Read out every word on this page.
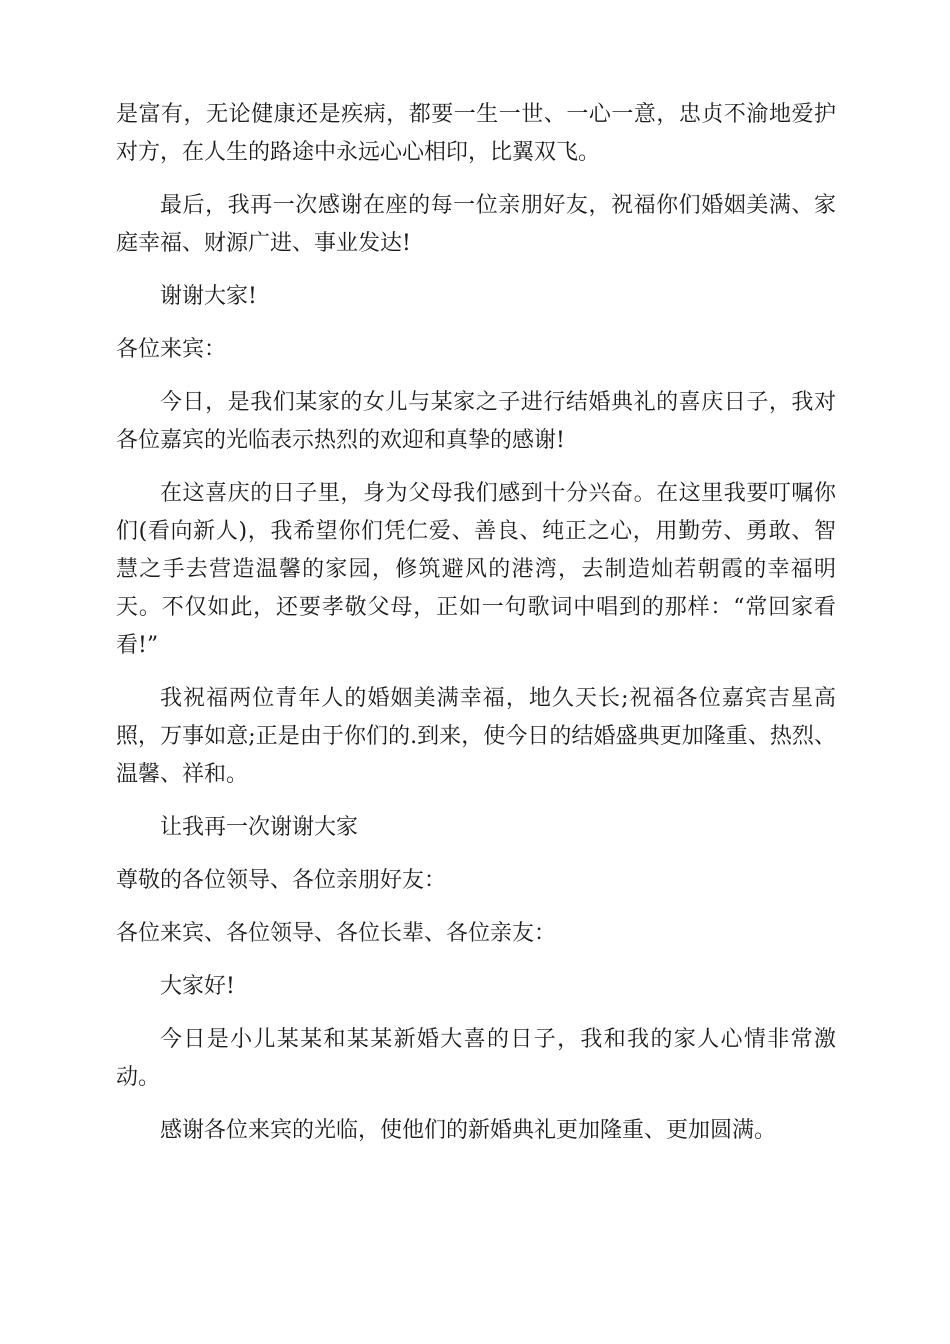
是富有，无论健康还是疾病，都要一生一世、一心一意，忠贞不渝地爱护对方，在人生的路途中永远心心相印，比翼双飞。

最后，我再一次感谢在座的每一位亲朋好友，祝福你们婚姻美满、家庭幸福、财源广进、事业发达!

谢谢大家!

各位来宾：

今日，是我们某家的女儿与某家之子进行结婚典礼的喜庆日子，我对各位嘉宾的光临表示热烈的欢迎和真挚的感谢!

在这喜庆的日子里，身为父母我们感到十分兴奋。在这里我要叮嘱你们(看向新人)，我希望你们凭仁爱、善良、纯正之心，用勤劳、勇敢、智慧之手去营造温馨的家园，修筑避风的港湾，去制造灿若朝霞的幸福明天。不仅如此，还要孝敬父母，正如一句歌词中唱到的那样：“常回家看看!”

我祝福两位青年人的婚姻美满幸福，地久天长;祝福各位嘉宾吉星高照，万事如意;正是由于你们的.到来，使今日的结婚盛典更加隆重、热烈、温馨、祥和。

让我再一次谢谢大家

尊敬的各位领导、各位亲朋好友：

各位来宾、各位领导、各位长辈、各位亲友：

大家好!

今日是小儿某某和某某新婚大喜的日子，我和我的家人心情非常激动。

感谢各位来宾的光临，使他们的新婚典礼更加隆重、更加圆满。
